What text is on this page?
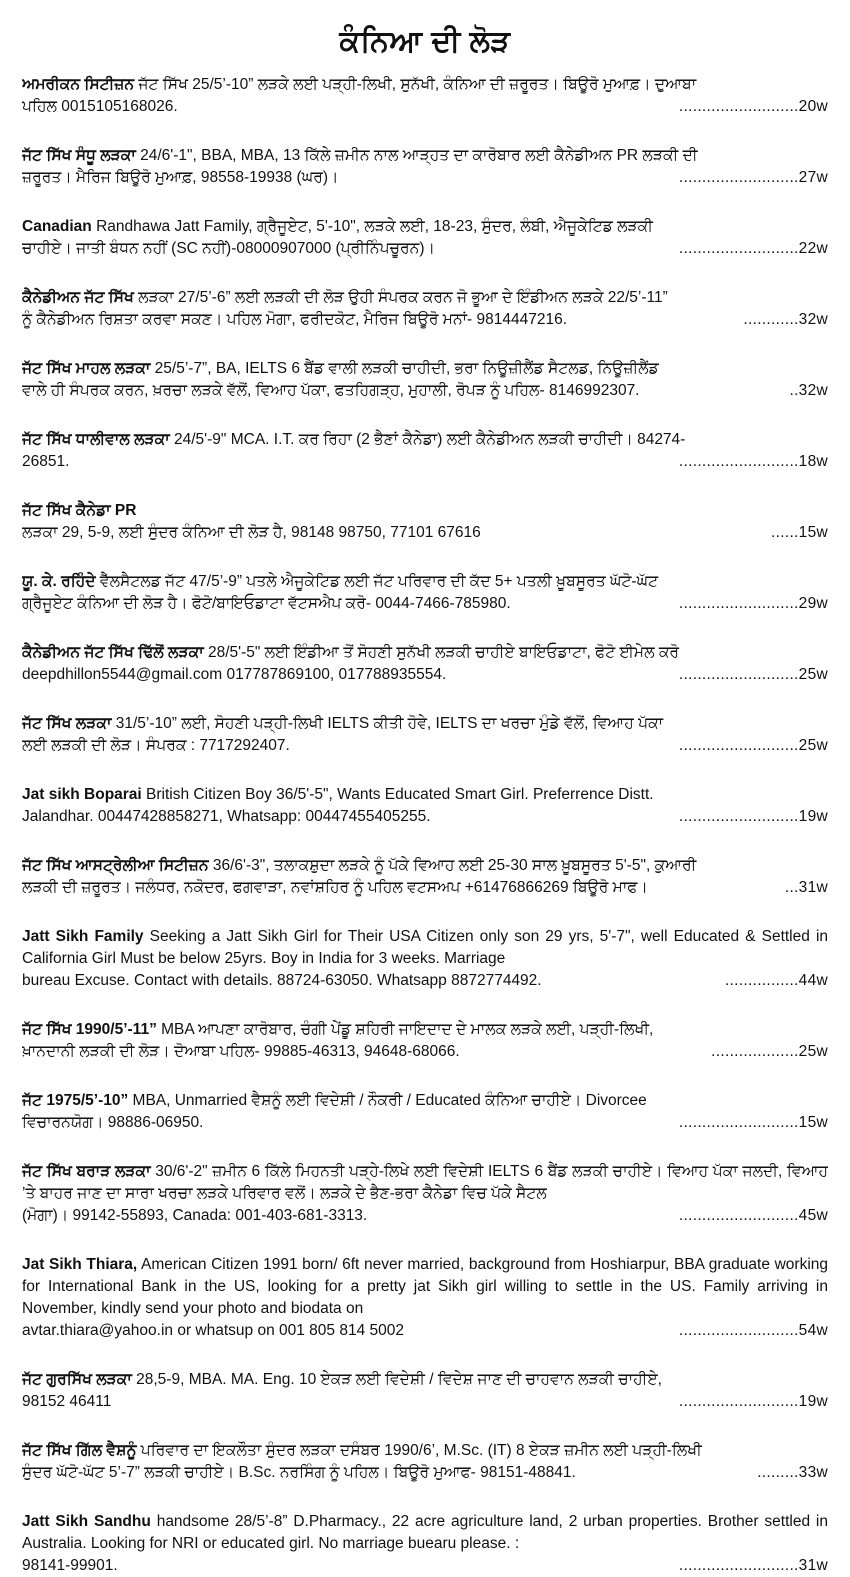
ਕੰਨਿਆ ਦੀ ਲੋੜ
ਅਮਰੀਕਨ ਸਿਟੀਜ਼ਨ ਜੱਟ ਸਿੱਖ 25/5’-10” ਲੜਕੇ ਲਈ ਪੜ੍ਹੀ-ਲਿਖੀ, ਸੁਨੱਖੀ, ਕੰਨਿਆ ਦੀ ਜ਼ਰੂਰਤ। ਬਿਊਰੋ ਮੁਆਫ਼। ਦੁਆਬਾ
ਪਹਿਲ 0015105168026.	..........................20w
ਜੱਟ ਸਿੱਖ ਸੰਧੂ ਲੜਕਾ 24/6'-1", BBA, MBA, 13 ਕਿੱਲੇ ਜ਼ਮੀਨ ਨਾਲ ਆੜ੍ਹਤ ਦਾ ਕਾਰੋਬਾਰ ਲਈ ਕੈਨੇਡੀਅਨ PR ਲੜਕੀ ਦੀ
ਜ਼ਰੂਰਤ। ਮੈਰਿਜ ਬਿਊਰੋ ਮੁਆਫ਼, 98558-19938 (ਘਰ)।	..........................27w
Canadian Randhawa Jatt Family, ਗ੍ਰੈਜੂਏਟ, 5'-10", ਲੜਕੇ ਲਈ, 18-23, ਸੁੰਦਰ, ਲੰਬੀ, ਐਜੂਕੇਟਿਡ ਲੜਕੀ
ਚਾਹੀਏ। ਜਾਤੀ ਬੰਧਨ ਨਹੀਂ (SC ਨਹੀਂ)-08000907000 (ਪ੍ਰੀਨਿੰਪਚੂਰਨ)।	..........................22w
ਕੈਨੇਡੀਅਨ ਜੱਟ ਸਿੱਖ ਲੜਕਾ 27/5’-6” ਲਈ ਲੜਕੀ ਦੀ ਲੋੜ ਉਹੀ ਸੰਪਰਕ ਕਰਨ ਜੋ ਭੂਆ ਦੇ ਇੰਡੀਅਨ ਲੜਕੇ 22/5’-11”
ਨੂੰ ਕੈਨੇਡੀਅਨ ਰਿਸ਼ਤਾ ਕਰਵਾ ਸਕਣ। ਪਹਿਲ ਮੋਗਾ, ਫਰੀਦਕੋਟ, ਮੈਰਿਜ ਬਿਊਰੋ ਮਨਾਂ- 9814447216.	............32w
ਜੱਟ ਸਿੱਖ ਮਾਹਲ ਲੜਕਾ 25/5’-7”, BA, IELTS 6 ਬੈਂਡ ਵਾਲੀ ਲੜਕੀ ਚਾਹੀਦੀ, ਭਰਾ ਨਿਊਜ਼ੀਲੈਂਡ ਸੈਟਲਡ, ਨਿਊਜ਼ੀਲੈਂਡ
ਵਾਲੇ ਹੀ ਸੰਪਰਕ ਕਰਨ, ਖ਼ਰਚਾ ਲੜਕੇ ਵੱਲੋਂ, ਵਿਆਹ ਪੱਕਾ, ਫਤਹਿਗੜ੍ਹ, ਮੁਹਾਲੀ, ਰੋਪੜ ਨੂੰ ਪਹਿਲ- 8146992307.	..32w
ਜੱਟ ਸਿੱਖ ਧਾਲੀਵਾਲ ਲੜਕਾ 24/5'-9" MCA. I.T. ਕਰ ਰਿਹਾ (2 ਭੈਣਾਂ ਕੈਨੇਡਾ) ਲਈ ਕੈਨੇਡੀਅਨ ਲੜਕੀ ਚਾਹੀਦੀ। 84274-
26851.	..........................18w
ਜੱਟ ਸਿੱਖ ਕੈਨੇਡਾ PR
ਲੜਕਾ 29, 5-9, ਲਈ ਸੁੰਦਰ ਕੰਨਿਆ ਦੀ ਲੋੜ ਹੈ, 98148 98750, 77101 67616	......15w
ਯੂ. ਕੇ. ਰਹਿੰਦੇ ਵੈੱਲਸੈਟਲਡ ਜੱਟ 47/5’-9” ਪਤਲੇ ਐਜੂਕੇਟਿਡ ਲਈ ਜੱਟ ਪਰਿਵਾਰ ਦੀ ਕੱਦ 5+ ਪਤਲੀ ਖ਼ੂਬਸੂਰਤ ਘੱਟੋ-ਘੱਟ
ਗ੍ਰੈਜੂਏਟ ਕੰਨਿਆ ਦੀ ਲੋੜ ਹੈ। ਫੋਟੋ/ਬਾਇਓਡਾਟਾ ਵੱਟਸਐਪ ਕਰੋ- 0044-7466-785980.	..........................29w
ਕੈਨੇਡੀਅਨ ਜੱਟ ਸਿੱਖ ਢਿੱਲੋਂ ਲੜਕਾ 28/5'-5" ਲਈ ਇੰਡੀਆ ਤੋਂ ਸੋਹਣੀ ਸੁਨੱਖੀ ਲੜਕੀ ਚਾਹੀਏ ਬਾਇਓਡਾਟਾ, ਫੋਟੋ ਈਮੇਲ ਕਰੋ
deepdhillon5544@gmail.com 017787869100, 017788935554.	..........................25w
ਜੱਟ ਸਿੱਖ ਲੜਕਾ 31/5’-10” ਲਈ, ਸੋਹਣੀ ਪੜ੍ਹੀ-ਲਿਖੀ IELTS ਕੀਤੀ ਹੋਵੇ, IELTS ਦਾ ਖਰਚਾ ਮੁੰਡੇ ਵੱਲੋਂ, ਵਿਆਹ ਪੱਕਾ
ਲਈ ਲੜਕੀ ਦੀ ਲੋੜ। ਸੰਪਰਕ : 7717292407.	..........................25w
Jat sikh Boparai British Citizen Boy 36/5'-5", Wants Educated Smart Girl. Preferrence Distt.
Jalandhar. 00447428858271, Whatsapp: 00447455405255.	..........................19w
ਜੱਟ ਸਿੱਖ ਆਸਟ੍ਰੇਲੀਆ ਸਿਟੀਜ਼ਨ 36/6'-3", ਤਲਾਕਸ਼ੁਦਾ ਲੜਕੇ ਨੂੰ ਪੱਕੇ ਵਿਆਹ ਲਈ 25-30 ਸਾਲ ਖ਼ੂਬਸੂਰਤ 5'-5", ਕੁਆਰੀ
ਲੜਕੀ ਦੀ ਜ਼ਰੂਰਤ। ਜਲੰਧਰ, ਨਕੋਦਰ, ਫਗਵਾੜਾ, ਨਵਾਂਸ਼ਹਿਰ ਨੂੰ ਪਹਿਲ ਵਟਸਅਪ +61476866269 ਬਿਊਰੋ ਮਾਫ।	...31w
Jatt Sikh Family Seeking a Jatt Sikh Girl for Their USA Citizen only son 29 yrs, 5'-7", well Educated & Settled in California Girl Must be below 25yrs. Boy in India for 3 weeks. Marriage
bureau Excuse. Contact with details. 88724-63050. Whatsapp 8872774492.	................44w
ਜੱਟ ਸਿੱਖ 1990/5’-11” MBA ਆਪਣਾ ਕਾਰੋਬਾਰ, ਚੰਗੀ ਪੇਂਡੂ ਸ਼ਹਿਰੀ ਜਾਇਦਾਦ ਦੇ ਮਾਲਕ ਲੜਕੇ ਲਈ, ਪੜ੍ਹੀ-ਲਿਖੀ,
ਖ਼ਾਨਦਾਨੀ ਲੜਕੀ ਦੀ ਲੋੜ। ਦੋਆਬਾ ਪਹਿਲ- 99885-46313, 94648-68066.	...................25w
ਜੱਟ 1975/5’-10” MBA, Unmarried ਵੈਸ਼ਨੂੰ ਲਈ ਵਿਦੇਸ਼ੀ / ਨੌਕਰੀ / Educated ਕੰਨਿਆ ਚਾਹੀਏ। Divorcee
ਵਿਚਾਰਨਯੋਗ। 98886-06950.	..........................15w
ਜੱਟ ਸਿੱਖ ਬਰਾੜ ਲੜਕਾ 30/6'-2" ਜ਼ਮੀਨ 6 ਕਿੱਲੇ ਮਿਹਨਤੀ ਪੜ੍ਹੇ-ਲਿਖੇ ਲਈ ਵਿਦੇਸ਼ੀ IELTS 6 ਬੈਂਡ ਲੜਕੀ ਚਾਹੀਏ। ਵਿਆਹ ਪੱਕਾ ਜਲਦੀ, ਵਿਆਹ ’ਤੇ ਬਾਹਰ ਜਾਣ ਦਾ ਸਾਰਾ ਖਰਚਾ ਲੜਕੇ ਪਰਿਵਾਰ ਵਲੋਂ। ਲੜਕੇ ਦੇ ਭੈਣ-ਭਰਾ ਕੈਨੇਡਾ ਵਿਚ ਪੱਕੇ ਸੈਟਲ
(ਮੋਗਾ)। 99142-55893, Canada: 001-403-681-3313.	..........................45w
Jat Sikh Thiara, American Citizen 1991 born/ 6ft never married, background from Hoshiarpur, BBA graduate working for International Bank in the US, looking for a pretty jat Sikh girl willing to settle in the US. Family arriving in November, kindly send your photo and biodata on
avtar.thiara@yahoo.in or whatsup on 001 805 814 5002	..........................54w
ਜੱਟ ਗੁਰਸਿੱਖ ਲੜਕਾ 28,5-9, MBA. MA. Eng. 10 ਏਕੜ ਲਈ ਵਿਦੇਸ਼ੀ / ਵਿਦੇਸ਼ ਜਾਣ ਦੀ ਚਾਹਵਾਨ ਲੜਕੀ ਚਾਹੀਏ,
98152 46411	..........................19w
ਜੱਟ ਸਿੱਖ ਗਿੱਲ ਵੈਸ਼ਨੂੰ ਪਰਿਵਾਰ ਦਾ ਇਕਲੌਤਾ ਸੁੰਦਰ ਲੜਕਾ ਦਸੰਬਰ 1990/6’, M.Sc. (IT) 8 ਏਕੜ ਜ਼ਮੀਨ ਲਈ ਪੜ੍ਹੀ-ਲਿਖੀ
ਸੁੰਦਰ ਘੱਟੋ-ਘੱਟ 5’-7” ਲੜਕੀ ਚਾਹੀਏ। B.Sc. ਨਰਸਿੰਗ ਨੂੰ ਪਹਿਲ। ਬਿਊਰੋ ਮੁਆਫ- 98151-48841.	.........33w
Jatt Sikh Sandhu handsome 28/5’-8” D.Pharmacy., 22 acre agriculture land, 2 urban properties. Brother settled in Australia. Looking for NRI or educated girl. No marriage buearu please. :
98141-99901.	..........................31w
